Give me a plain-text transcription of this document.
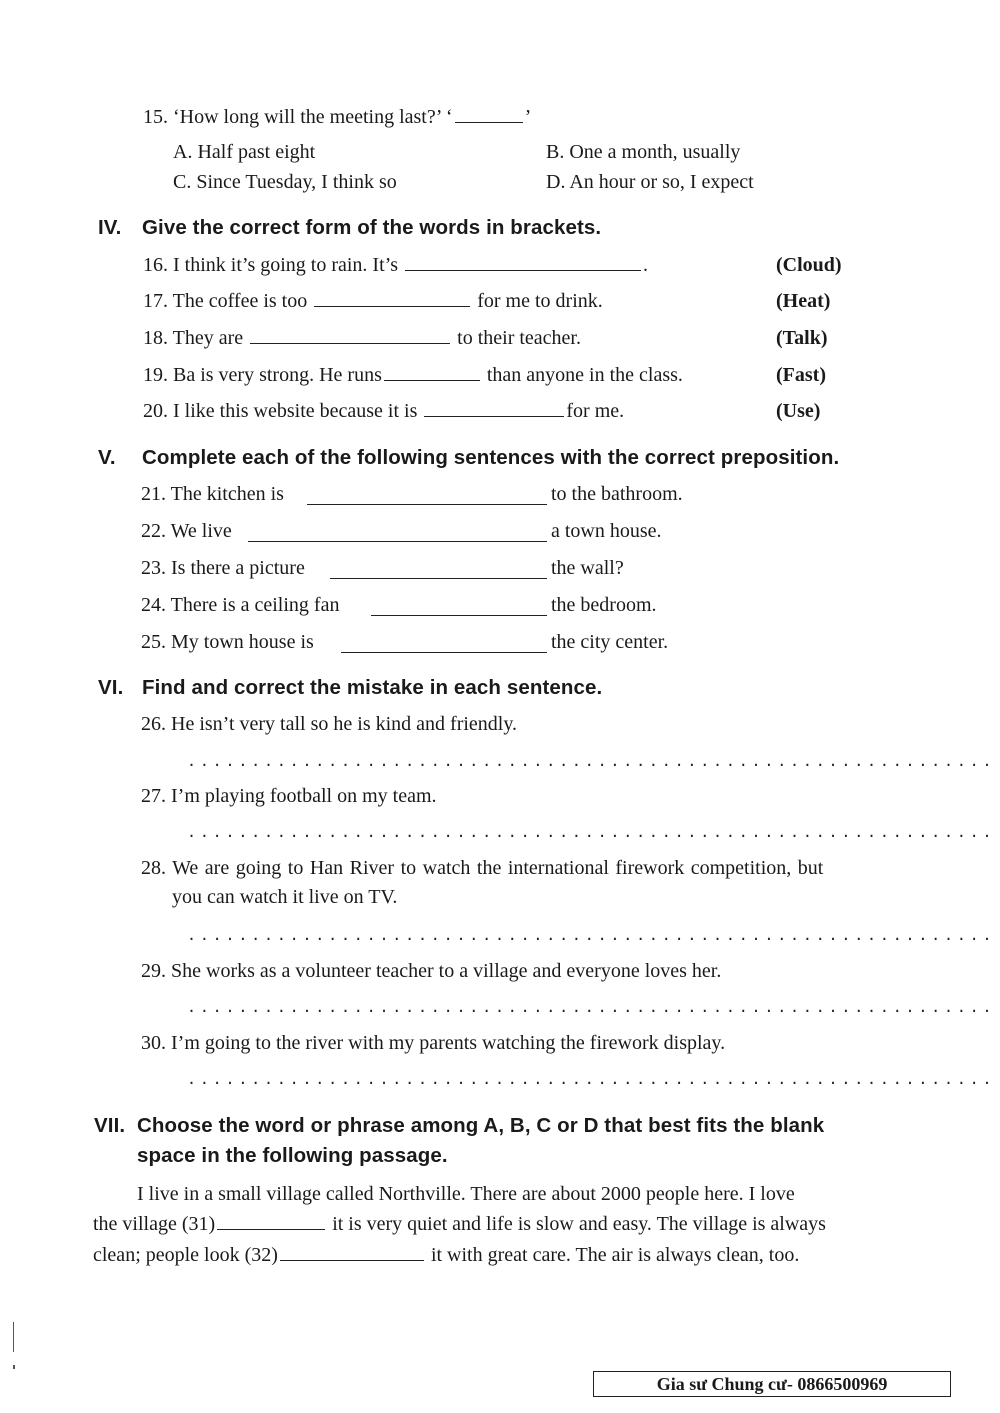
15. ‘How long will the meeting last?’ ‘	’
A. Half past eight	B. One a month, usually
C. Since Tuesday, I think so	D. An hour or so, I expect
IV. Give the correct form of the words in brackets.
16. I think it’s going to rain. It’s	.	(Cloud)
17. The coffee is too	for me to drink.	(Heat)
18. They are	to their teacher.	(Talk)
19. Ba is very strong. He runs	than anyone in the class.	(Fast)
20. I like this website because it is	for me.	(Use)
V. Complete each of the following sentences with the correct preposition.
21. The kitchen is	to the bathroom.
22. We live	a town house.
23. Is there a picture	the wall?
24. There is a ceiling fan	the bedroom.
25. My town house is	the city center.
VI. Find and correct the mistake in each sentence.
26. He isn’t very tall so he is kind and friendly.
...............................................................
27. I’m playing football on my team.
...............................................................
28. We are going to Han River to watch the international firework competition, but
you can watch it live on TV.
...............................................................
29. She works as a volunteer teacher to a village and everyone loves her.
...............................................................
30. I’m going to the river with my parents watching the firework display.
...............................................................
VII. Choose the word or phrase among A, B, C or D that best fits the blank
space in the following passage.
I live in a small village called Northville. There are about 2000 people here. I love
the village (31)	it is very quiet and life is slow and easy. The village is always
clean; people look (32)	it with great care. The air is always clean, too.
Gia sư Chung cư- 0866500969
